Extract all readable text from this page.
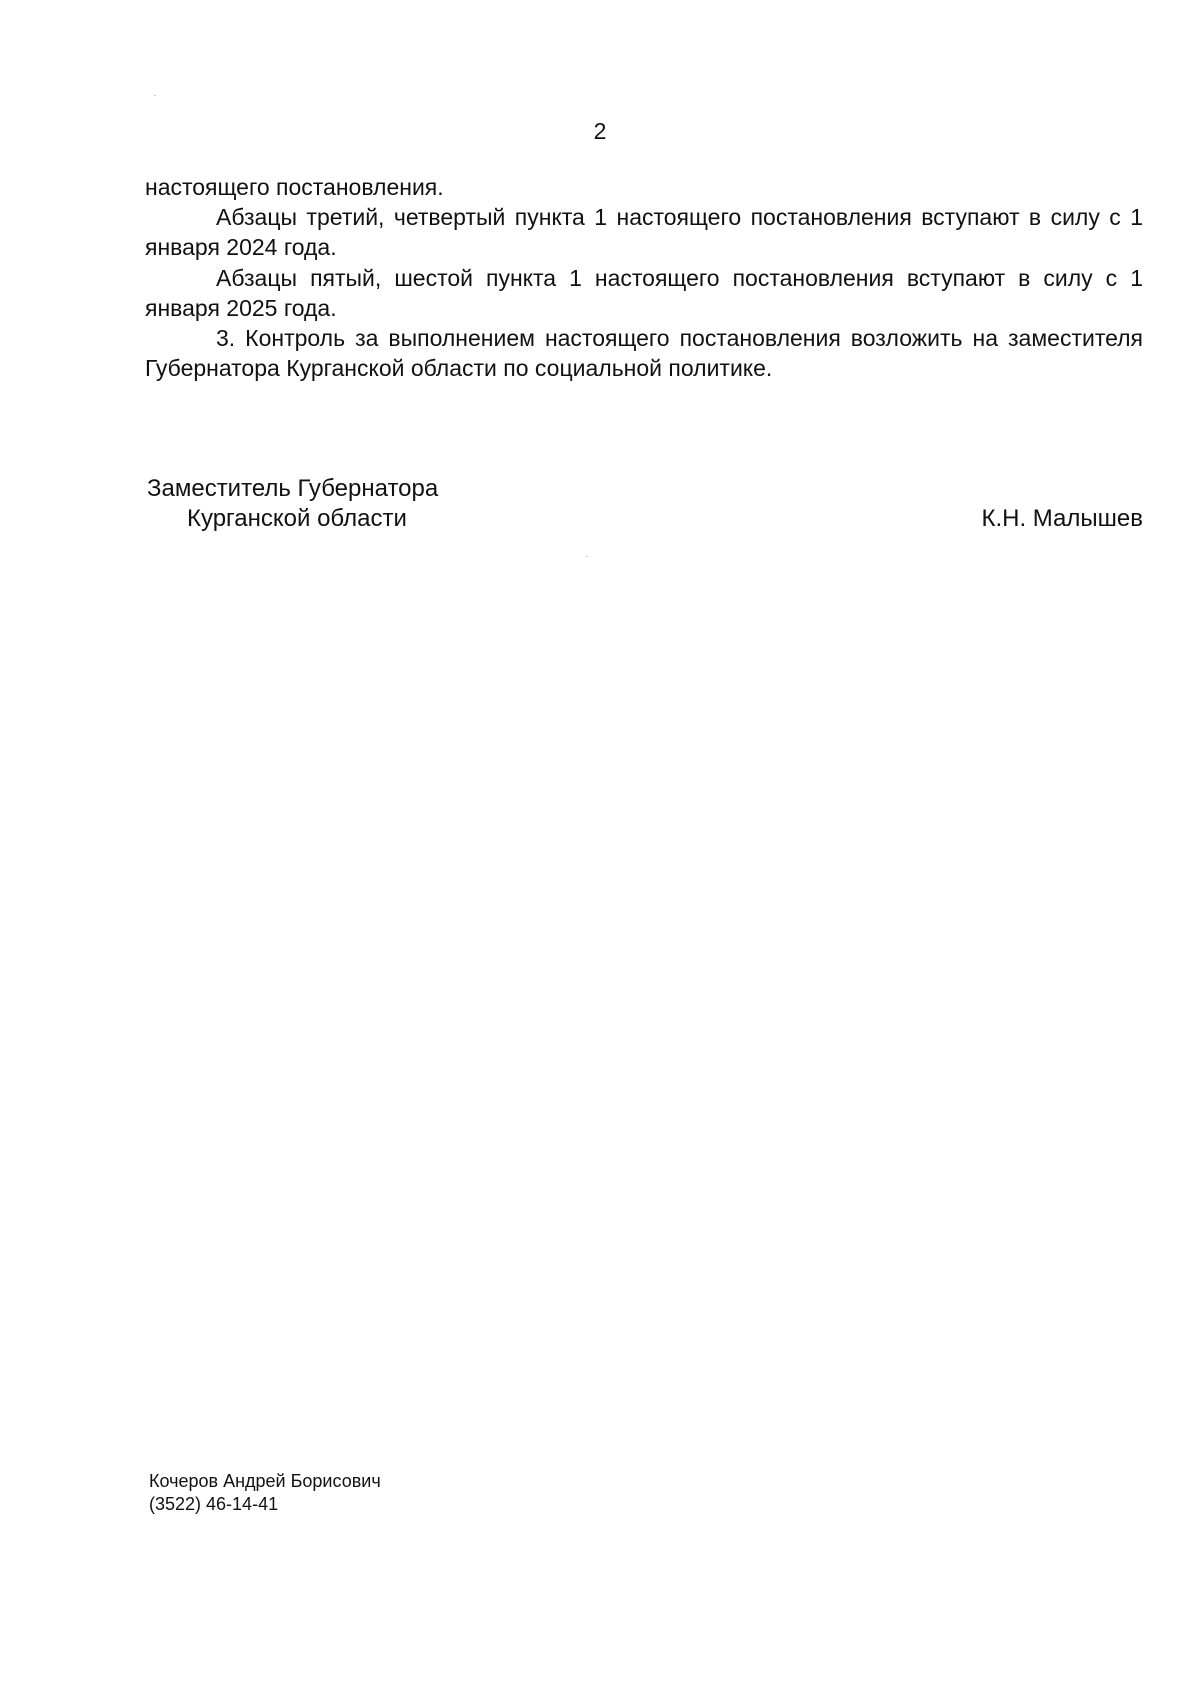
2

настоящего постановления.

Абзацы третий, четвертый пункта 1 настоящего постановления вступают в силу с 1 января 2024 года.

Абзацы пятый, шестой пункта 1 настоящего постановления вступают в силу с 1 января 2025 года.

3. Контроль за выполнением настоящего постановления возложить на заместителя Губернатора Курганской области по социальной политике.

Заместитель Губернатора
Курганской области	К.Н. Малышев
Кочеров Андрей Борисович
(3522) 46-14-41
